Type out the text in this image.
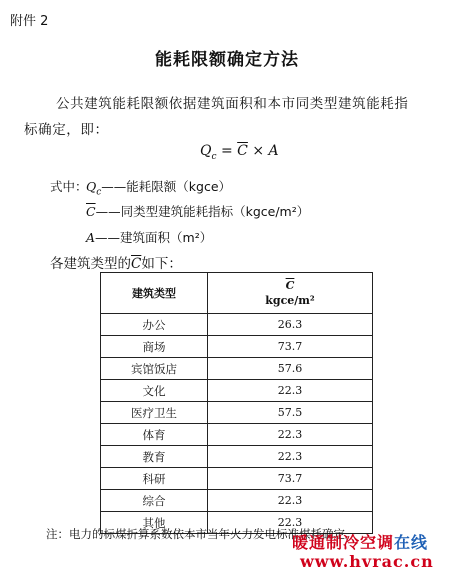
附件 2
能耗限额确定方法
公共建筑能耗限额依据建筑面积和本市同类型建筑能耗指
标确定，即：
$Q_c = \overline{C} \times A$
式中：
$Q_c——$能耗限额（kgce）
$\overline{C}——$同类型建筑能耗指标（kgce/m²）
A——建筑面积（m²）
各建筑类型的$\overline{C}$如下：
建筑类型	$\overline{C}$
kgce/m²

办公	26.3
商场	73.7
宾馆饭店	57.6
文化	22.3
医疗卫生	57.5
体育	22.3
教育	22.3
科研	73.7
综合	22.3
其他	22.3
注：电力的标煤折算系数依本市当年火力发电标准煤耗确定。
暖通制冷空调在线
www.hvrac.cn
